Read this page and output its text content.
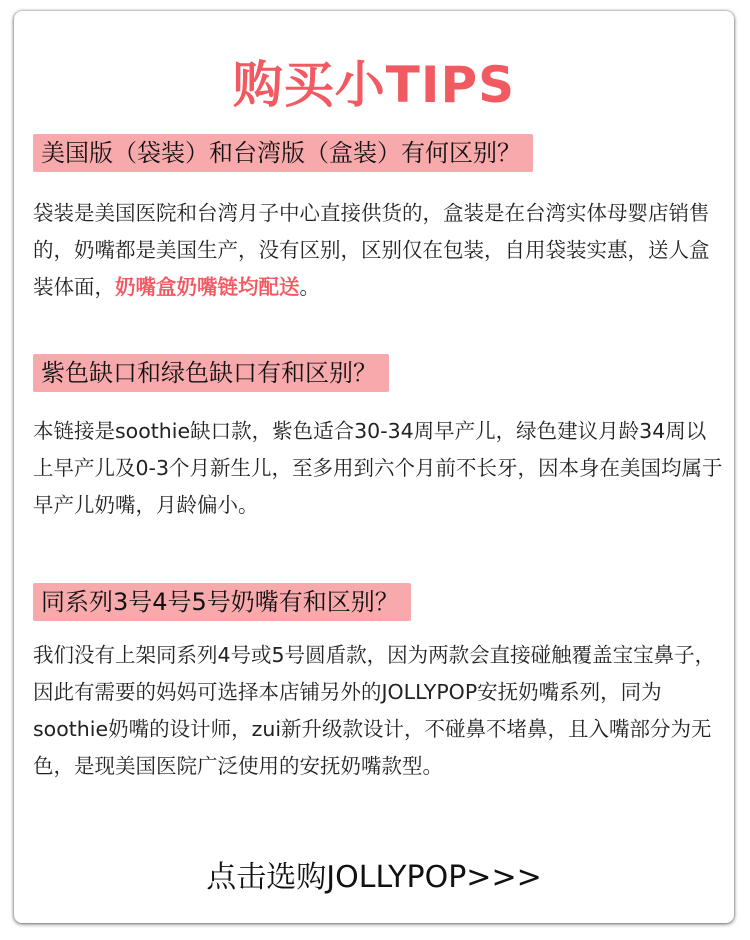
购买小TIPS
美国版（袋装）和台湾版（盒装）有何区别？

袋装是美国医院和台湾月子中心直接供货的，盒装是在台湾实体母婴店销售的，奶嘴都是美国生产，没有区别，区别仅在包装，自用袋装实惠，送人盒装体面，奶嘴盒奶嘴链均配送。

紫色缺口和绿色缺口有和区别？

本链接是soothie缺口款，紫色适合30-34周早产儿，绿色建议月龄34周以上早产儿及0-3个月新生儿，至多用到六个月前不长牙，因本身在美国均属于早产儿奶嘴，月龄偏小。

同系列3号4号5号奶嘴有和区别？

我们没有上架同系列4号或5号圆盾款，因为两款会直接碰触覆盖宝宝鼻子，因此有需要的妈妈可选择本店铺另外的JOLLYPOP安抚奶嘴系列，同为soothie奶嘴的设计师，zui新升级款设计，不碰鼻不堵鼻，且入嘴部分为无色，是现美国医院广泛使用的安抚奶嘴款型。

点击选购JOLLYPOP>>>
